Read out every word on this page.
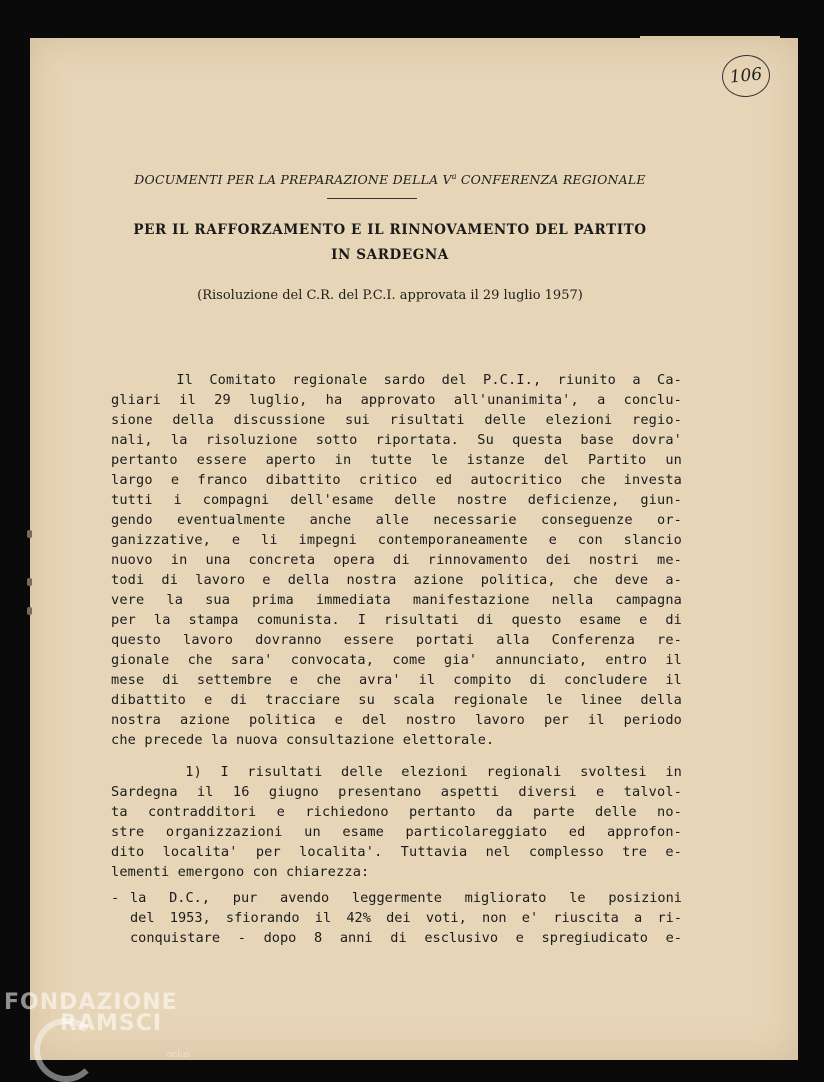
106
DOCUMENTI PER LA PREPARAZIONE DELLA $V^a$ CONFERENZA REGIONALE
PER IL RAFFORZAMENTO E IL RINNOVAMENTO DEL PARTITO
IN SARDEGNA
(Risoluzione del C.R. del P.C.I. approvata il 29 luglio 1957)
Il Comitato regionale sardo del P.C.I., riunito a Ca-
gliari il 29 luglio, ha approvato all'unanimita', a conclu-
sione della discussione sui risultati delle elezioni regio-
nali, la risoluzione sotto riportata. Su questa base dovra'
pertanto essere aperto in tutte le istanze del Partito un
largo e franco dibattito critico ed autocritico che investa
tutti i compagni dell'esame delle nostre deficienze, giun-
gendo eventualmente anche alle necessarie conseguenze or-
ganizzative, e li impegni contemporaneamente e con slancio
nuovo in una concreta opera di rinnovamento dei nostri me-
todi di lavoro e della nostra azione politica, che deve a-
vere la sua prima immediata manifestazione nella campagna
per la stampa comunista. I risultati di questo esame e di
questo lavoro dovranno essere portati alla Conferenza re-
gionale che sara' convocata, come gia' annunciato, entro il
mese di settembre e che avra' il compito di concludere il
dibattito e di tracciare su scala regionale le linee della
nostra azione politica e del nostro lavoro per il periodo
che precede la nuova consultazione elettorale.
1) I risultati delle elezioni regionali svoltesi in
Sardegna il 16 giugno presentano aspetti diversi e talvol-
ta contradditori e richiedono pertanto da parte delle no-
stre organizzazioni un esame particolareggiato ed approfon-
dito localita' per localita'. Tuttavia nel complesso tre e-
lementi emergono con chiarezza:
- la D.C., pur avendo leggermente migliorato le posizioni
del 1953, sfiorando il 42% dei voti, non e' riuscita a ri-
conquistare - dopo 8 anni di esclusivo e spregiudicato e-
FONDAZIONE
RAMSCI
onlus
